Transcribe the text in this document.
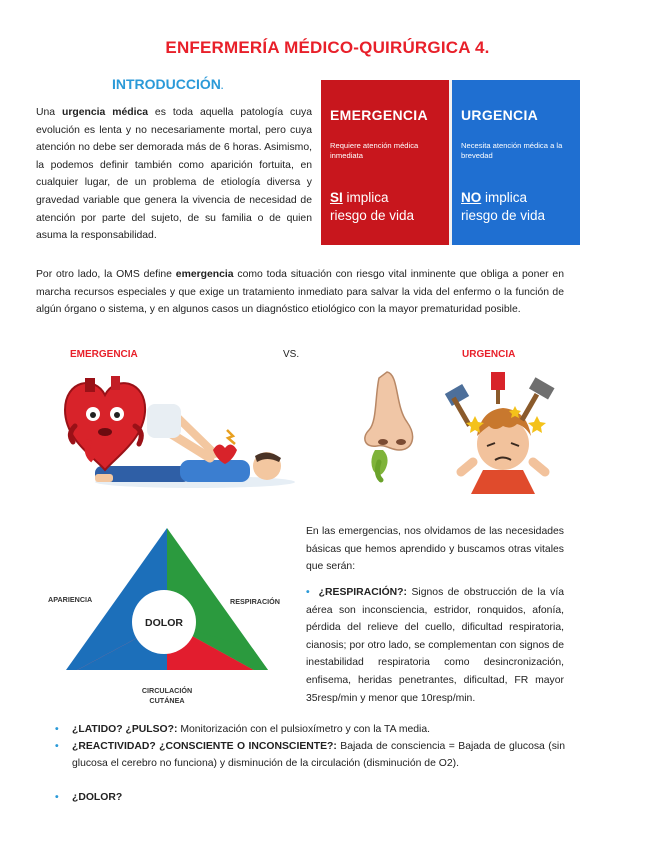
ENFERMERÍA MÉDICO-QUIRÚRGICA 4.
INTRODUCCIÓN.
Una urgencia médica es toda aquella patología cuya evolución es lenta y no necesariamente mortal, pero cuya atención no debe ser demorada más de 6 horas. Asimismo, la podemos definir también como aparición fortuita, en cualquier lugar, de un problema de etiología diversa y gravedad variable que genera la vivencia de necesidad de atención por parte del sujeto, de su familia o de quien asuma la responsabilidad.
EMERGENCIA
Requiere atención médica inmediata
SI implica
riesgo de vida
URGENCIA
Necesita atención médica a la brevedad
NO implica
riesgo de vida
Por otro lado, la OMS define emergencia como toda situación con riesgo vital inminente que obliga a poner en marcha recursos especiales y que exige un tratamiento inmediato para salvar la vida del enfermo o la función de algún órgano o sistema, y en algunos casos un diagnóstico etiológico con la mayor prematuridad posible.
EMERGENCIA	VS.	URGENCIA
DOLOR
APARIENCIA	RESPIRACIÓN
CIRCULACIÓN
CUTÁNEA
En las emergencias, nos olvidamos de las necesidades básicas que hemos aprendido y buscamos otras vitales que serán:
• ¿RESPIRACIÓN?: Signos de obstrucción de la vía aérea son inconsciencia, estridor, ronquidos, afonía, pérdida del relieve del cuello, dificultad respiratoria, cianosis; por otro lado, se complementan con signos de inestabilidad respiratoria como desincronización, enfisema, heridas penetrantes, dificultad, FR mayor 35resp/min y menor que 10resp/min.
• ¿LATIDO? ¿PULSO?: Monitorización con el pulsioxímetro y con la TA media.
• ¿REACTIVIDAD? ¿CONSCIENTE O INCONSCIENTE?: Bajada de consciencia = Bajada de glucosa (sin glucosa el cerebro no funciona) y disminución de la circulación (disminución de O2).
• ¿DOLOR?
